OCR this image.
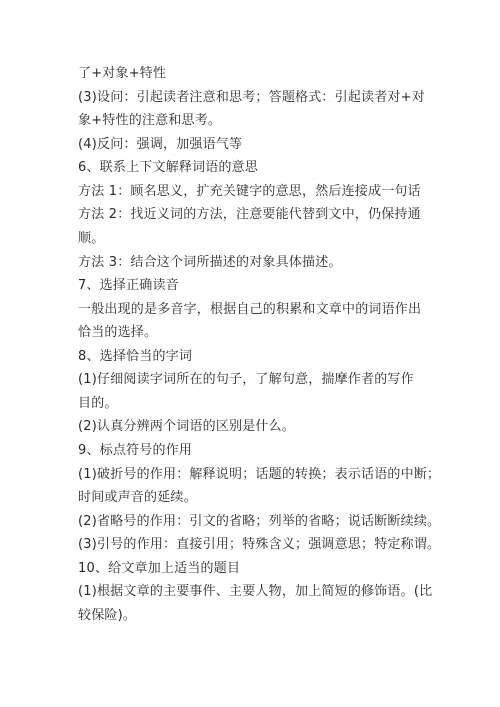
了+对象+特性
(3)设问：引起读者注意和思考；答题格式：引起读者对+对
象+特性的注意和思考。
(4)反问：强调，加强语气等
6、联系上下文解释词语的意思
方法 1：顾名思义，扩充关键字的意思，然后连接成一句话
方法 2：找近义词的方法，注意要能代替到文中，仍保持通
顺。
方法 3：结合这个词所描述的对象具体描述。
7、选择正确读音
一般出现的是多音字，根据自己的积累和文章中的词语作出
恰当的选择。
8、选择恰当的字词
(1)仔细阅读字词所在的句子，了解句意，揣摩作者的写作
目的。
(2)认真分辨两个词语的区别是什么。
9、标点符号的作用
(1)破折号的作用：解释说明；话题的转换；表示话语的中断；
时间或声音的延续。
(2)省略号的作用：引文的省略；列举的省略；说话断断续续。
(3)引号的作用：直接引用；特殊含义；强调意思；特定称谓。
10、给文章加上适当的题目
(1)根据文章的主要事件、主要人物，加上简短的修饰语。(比
较保险)。
